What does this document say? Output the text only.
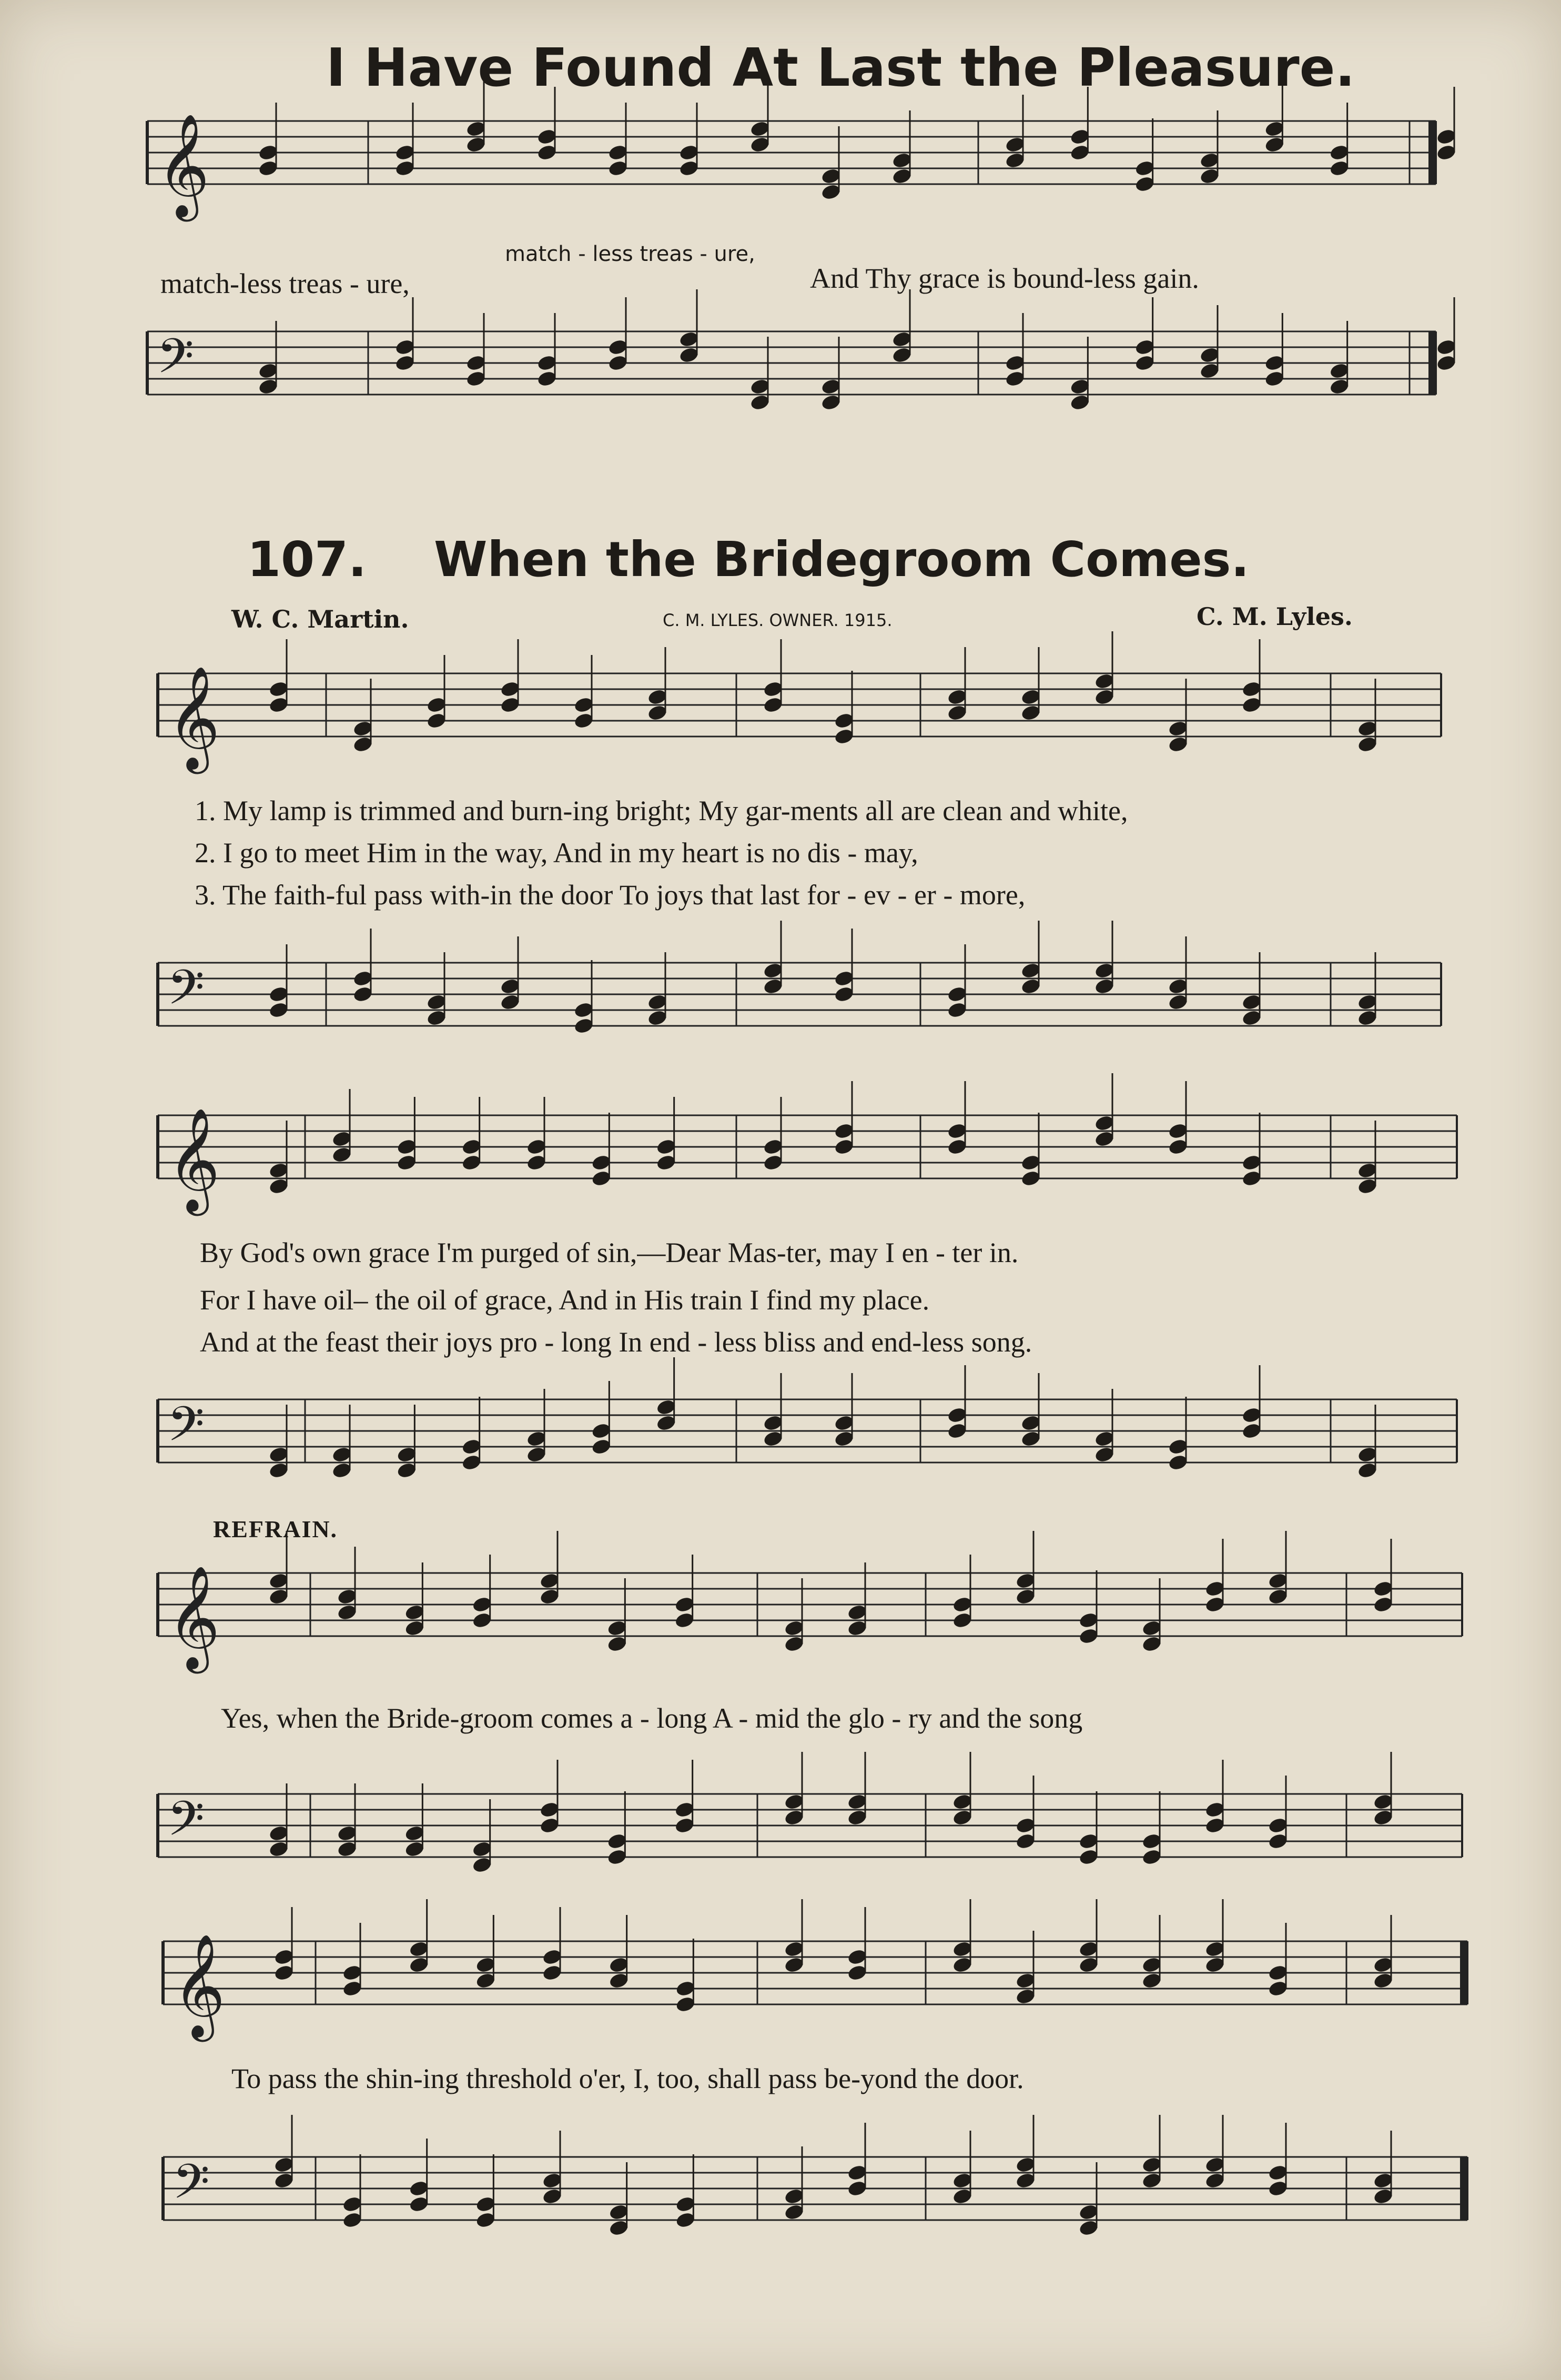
I Have Found At Last the Pleasure.
𝄞
match - less treas - ure,
match-less treas - ure,	And Thy grace is bound-less gain.
𝄢
107. When the Bridegroom Comes.
W. C. Martin.	C. M. LYLES. OWNER. 1915.	C. M. Lyles.
𝄞
1. My lamp is trimmed and burn-ing bright; My gar-ments all are clean and white,
2. I go to meet Him in the way, And in my heart is no dis - may,
3. The faith-ful pass with-in the door To joys that last for - ev - er - more,
𝄢
𝄞
By God's own grace I'm purged of sin,—Dear Mas-ter, may I en - ter in.
For I have oil– the oil of grace, And in His train I find my place.
And at the feast their joys pro - long In end - less bliss and end-less song.
𝄢
REFRAIN.
𝄞
Yes, when the Bride-groom comes a - long A - mid the glo - ry and the song
𝄢
𝄞
To pass the shin-ing threshold o'er, I, too, shall pass be-yond the door.
𝄢
